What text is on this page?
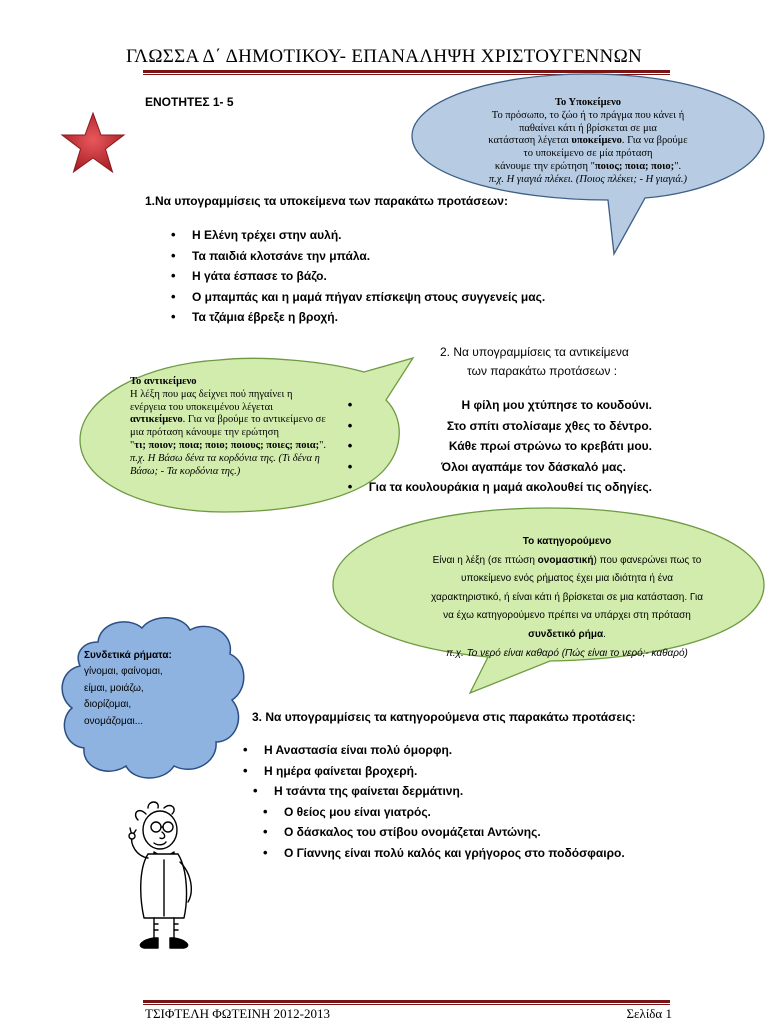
ΓΛΩΣΣΑ Δ΄ ΔΗΜΟΤΙΚΟΥ- ΕΠΑΝΑΛΗΨΗ ΧΡΙΣΤΟΥΓΕΝΝΩΝ
ΕΝΟΤΗΤΕΣ 1- 5	Το Υποκείμενο
Το πρόσωπο, το ζώο ή το πράγμα που κάνει ή
παθαίνει κάτι ή βρίσκεται σε μια
κατάσταση λέγεται υποκείμενο. Για να βρούμε
το υποκείμενο σε μία πρόταση
κάνουμε την ερώτηση "ποιος; ποια; ποιο;".
π.χ. Η γιαγιά πλέκει. (Ποιος πλέκει; - Η γιαγιά.)
1.Να υπογραμμίσεις τα υποκείμενα των παρακάτω προτάσεων:
• Η Ελένη τρέχει στην αυλή.
• Τα παιδιά κλοτσάνε την μπάλα.
• Η γάτα έσπασε το βάζο.
• Ο μπαμπάς και η μαμά πήγαν επίσκεψη στους συγγενείς μας.
• Τα τζάμια έβρεξε η βροχή.
Το αντικείμενο
Η λέξη που μας δείχνει πού πηγαίνει η
ενέργεια του υποκειμένου λέγεται
αντικείμενο. Για να βρούμε το αντικείμενο σε
μια πρόταση κάνουμε την ερώτηση
"τι; ποιον; ποια; ποιο; ποιους; ποιες; ποια;".
π.χ. Η Βάσω δένα τα κορδόνια της. (Τι δένα η
Βάσω; - Τα κορδόνια της.)
2. Να υπογραμμίσεις τα αντικείμενα
των παρακάτω προτάσεων :
• Η φίλη μου χτύπησε το κουδούνι.
• Στο σπίτι στολίσαμε χθες το δέντρο.
• Κάθε πρωί στρώνω το κρεβάτι μου.
• Όλοι αγαπάμε τον δάσκαλό μας.
• Για τα κουλουράκια η μαμά ακολουθεί τις οδηγίες.
Το κατηγορούμενο
Είναι η λέξη (σε πτώση ονομαστική) που φανερώνει πως το
υποκείμενο ενός ρήματος έχει μια ιδιότητα ή ένα
χαρακτηριστικό, ή είναι κάτι ή βρίσκεται σε μια κατάσταση. Για
να έχω κατηγορούμενο πρέπει να υπάρχει στη πρόταση
συνδετικό ρήμα.
π.χ. Το νερό είναι καθαρό (Πώς είναι το νερό;- καθαρό)
Συνδετικά ρήματα:
γίνομαι, φαίνομαι,
είμαι, μοιάζω,
διορίζομαι,
ονομάζομαι...	3. Να υπογραμμίσεις τα κατηγορούμενα στις παρακάτω προτάσεις:
• Η Αναστασία είναι πολύ όμορφη.
• Η ημέρα φαίνεται βροχερή.
• Η τσάντα της φαίνεται δερμάτινη.
• Ο θείος μου είναι γιατρός.
• Ο δάσκαλος του στίβου ονομάζεται Αντώνης.
• Ο Γίαννης είναι πολύ καλός και γρήγορος στο ποδόσφαιρο.
ΤΣΙΦΤΕΛΗ ΦΩΤΕΙΝΗ 2012-2013	Σελίδα 1
